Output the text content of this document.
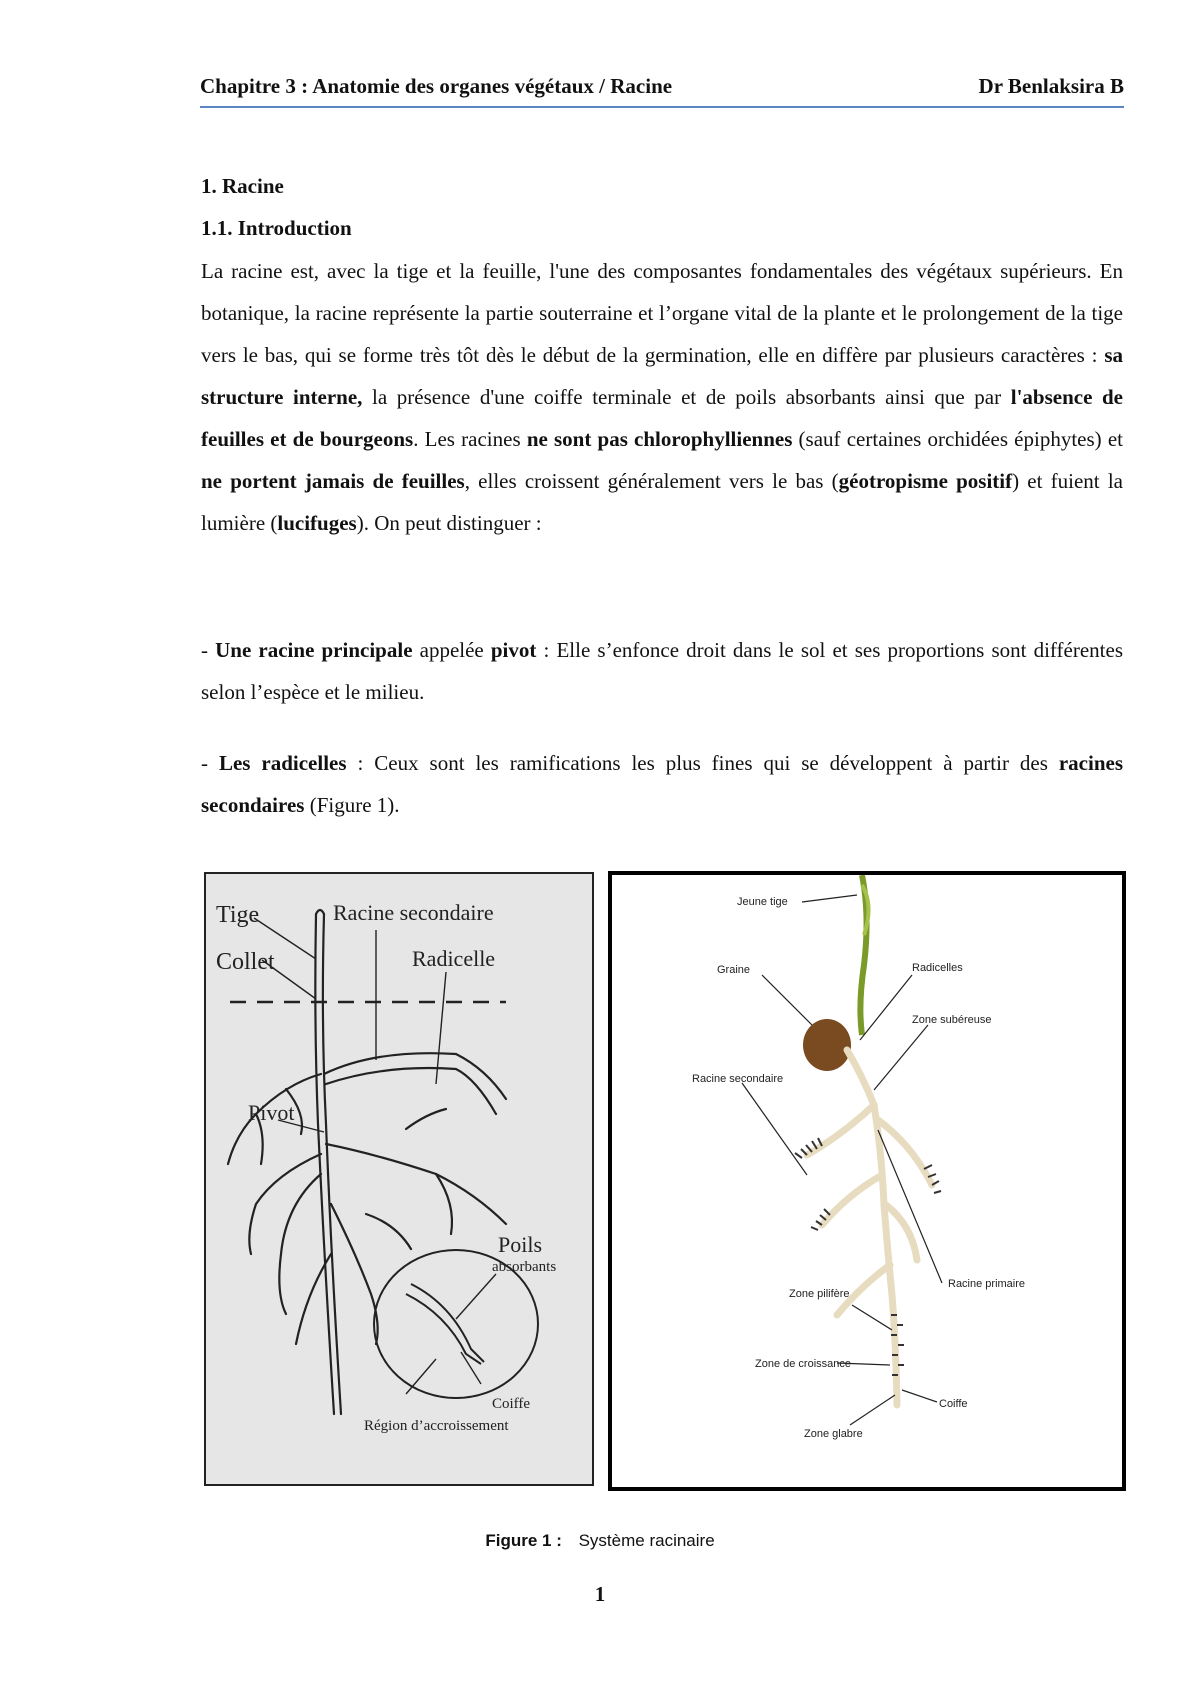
Chapitre 3 : Anatomie des organes végétaux / Racine	Dr Benlaksira B
1. Racine
1.1. Introduction

La racine est, avec la tige et la feuille, l'une des composantes fondamentales des végétaux supérieurs. En botanique, la racine représente la partie souterraine et l’organe vital de la plante et le prolongement de la tige vers le bas, qui se forme très tôt dès le début de la germination, elle en diffère par plusieurs caractères : sa structure interne, la présence d'une coiffe terminale et de poils absorbants ainsi que par l'absence de feuilles et de bourgeons. Les racines ne sont pas chlorophylliennes (sauf certaines orchidées épiphytes) et ne portent jamais de feuilles, elles croissent généralement vers le bas (géotropisme positif) et fuient la lumière (lucifuges). On peut distinguer :

- Une racine principale appelée pivot : Elle s’enfonce droit dans le sol et ses proportions sont différentes selon l’espèce et le milieu.

- Les radicelles : Ceux sont les ramifications les plus fines qui se développent à partir des racines secondaires (Figure 1).

Tige
Collet
Racine secondaire
Radicelle
Pivot
Poils
absorbants
Coiffe
Région d’accroissement
Jeune tige
Graine	Radicelles
Zone subéreuse
Racine secondaire
Racine primaire
Zone pilifère
Zone de croissance
Coiffe
Zone glabre
Figure 1 : Système racinaire
1
